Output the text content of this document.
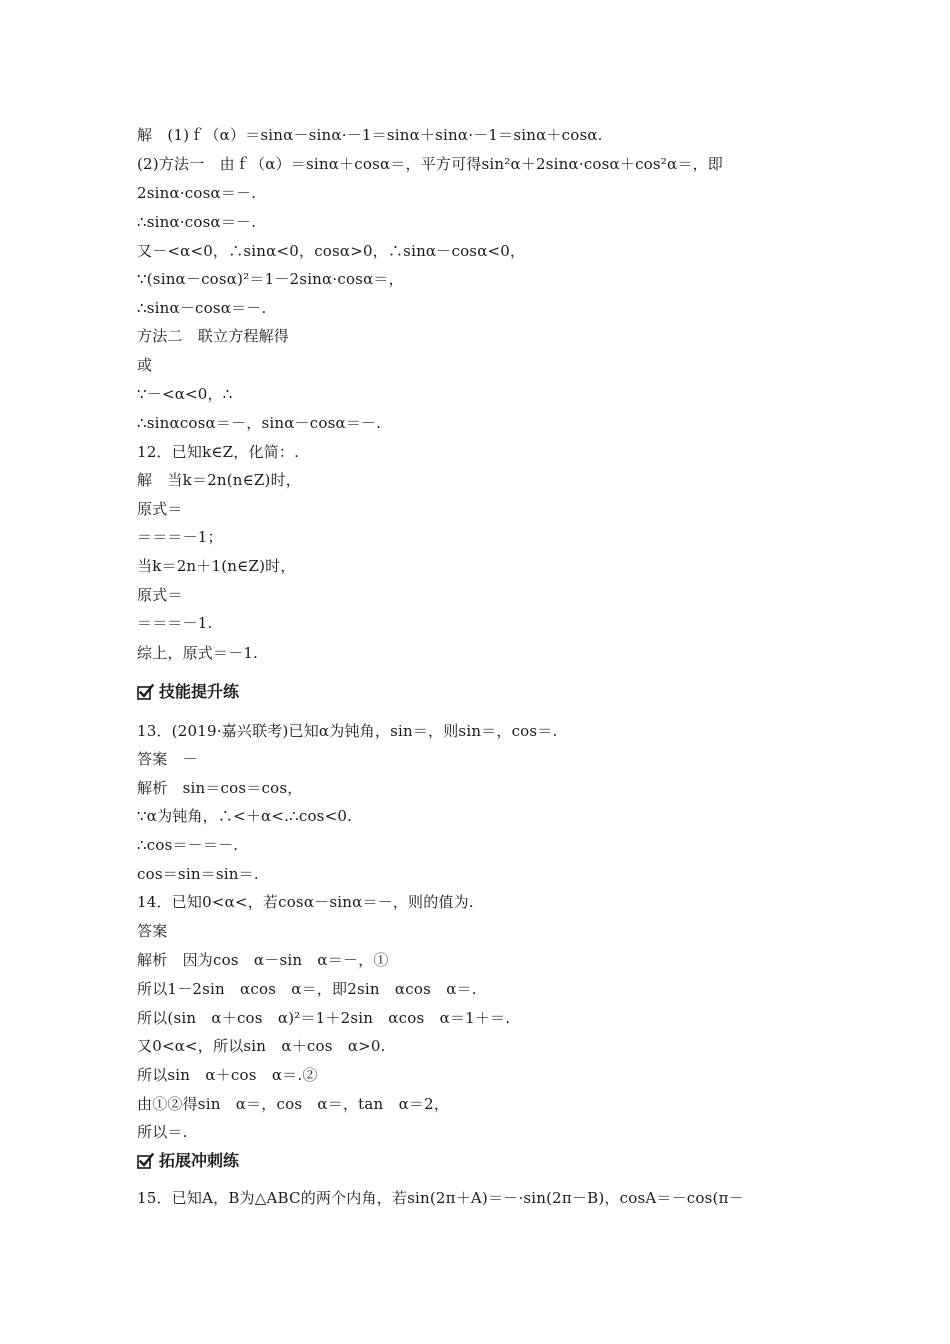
解　(1)ｆ（α）＝sinα－sinα·－1＝sinα＋sinα·－1＝sinα＋cosα.
(2)方法一　由ｆ（α）＝sinα＋cosα＝，平方可得sin²α＋2sinα·cosα＋cos²α＝，即
2sinα·cosα＝－.
∴sinα·cosα＝－.
又－<α<0，∴sinα<0，cosα>0，∴sinα－cosα<0，
∵(sinα－cosα)²＝1－2sinα·cosα＝，
∴sinα－cosα＝－.
方法二　联立方程解得
或
∵－<α<0，∴
∴sinαcosα＝－，sinα－cosα＝－.
12．已知k∈Z，化简：.
解　当k＝2n(n∈Z)时，
原式＝
＝＝＝－1；
当k＝2n＋1(n∈Z)时，
原式＝
＝＝＝－1.
综上，原式＝－1.
技能提升练
13．(2019·嘉兴联考)已知α为钝角，sin＝，则sin＝，cos＝.
答案　－
解析　sin＝cos＝cos，
∵α为钝角，∴<＋α<.∴cos<0.
∴cos＝－＝－.
cos＝sin＝sin＝.
14．已知0<α<，若cosα－sinα＝－，则的值为.
答案
解析　因为cos　α－sin　α＝－，①
所以1－2sin　αcos　α＝，即2sin　αcos　α＝.
所以(sin　α＋cos　α)²＝1＋2sin　αcos　α＝1＋＝.
又0<α<，所以sin　α＋cos　α>0.
所以sin　α＋cos　α＝.②
由①②得sin　α＝，cos　α＝，tan　α＝2，
所以＝.
拓展冲刺练
15．已知A，B为△ABC的两个内角，若sin(2π＋A)＝－·sin(2π－B)，cosA＝－cos(π－
